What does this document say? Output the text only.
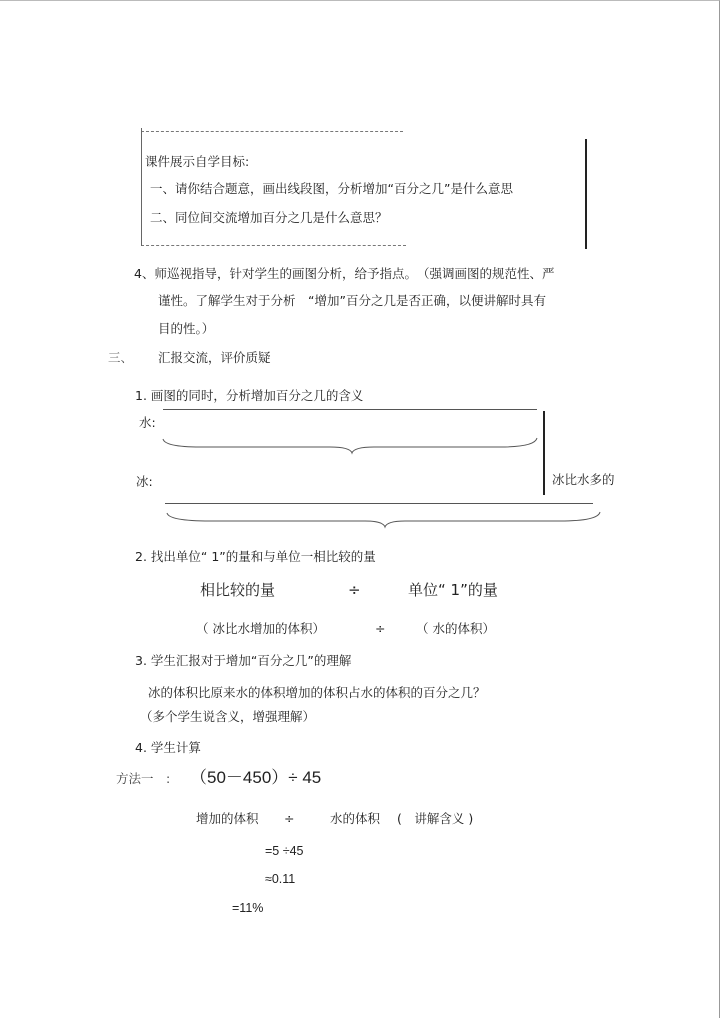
课件展示自学目标:
一、请你结合题意，画出线段图，分析增加“百分之几”是什么意思
二、同位间交流增加百分之几是什么意思？
4、师巡视指导，针对学生的画图分析，给予指点。　（强调画图的规范性、严
谨性。了解学生对于分析　“增加”百分之几是否正确，以便讲解时具有
目的性。）
三、 汇报交流，评价质疑
1. 画图的同时，分析增加百分之几的含义
水:
冰:	冰比水多的
2. 找出单位“ 1”的量和与单位一相比较的量
相比较的量	÷	单位“ 1”的量
（ 冰比水增加的体积）	÷ （ 水的体积）
3. 学生汇报对于增加“百分之几”的理解
冰的体积比原来水的体积增加的体积占水的体积的百分之几？
（多个学生说含义，增强理解）
4. 学生计算
方法一　: （50－450）÷ 45
增加的体积 ÷	水的体积 (　讲解含义 )
=5 ÷45
≈0.11
=11%
